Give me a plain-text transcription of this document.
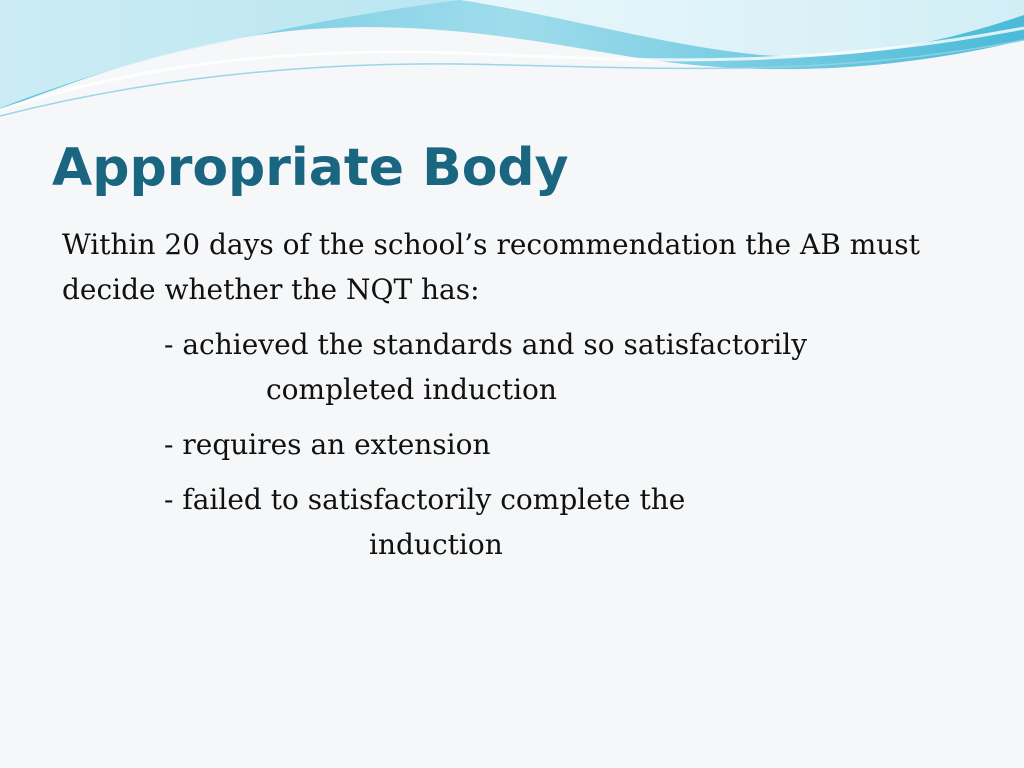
Appropriate Body

Within 20 days of the school’s recommendation the AB must decide whether the NQT has:

- achieved the standards and so satisfactorily
completed induction

- requires an extension

- failed to satisfactorily complete the
induction
